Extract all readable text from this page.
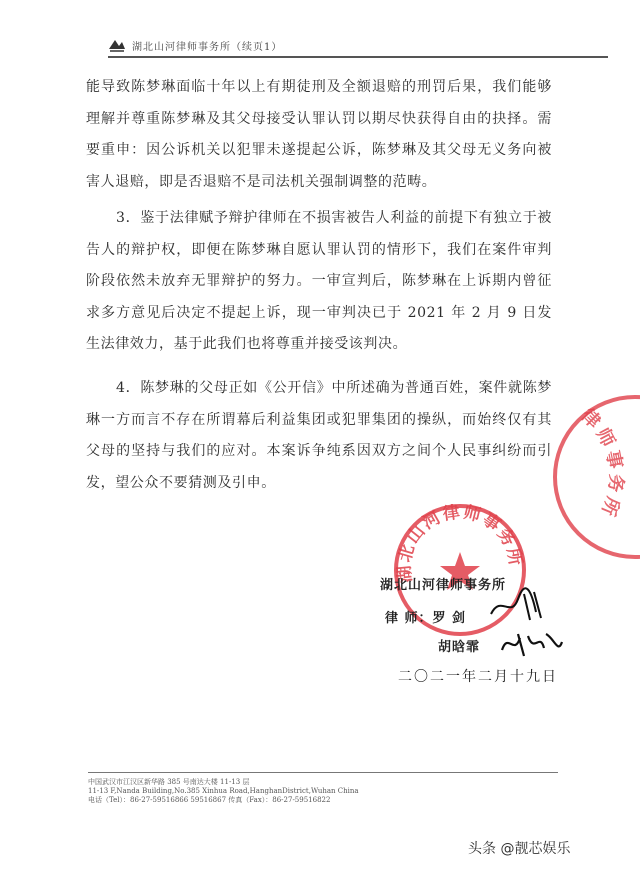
湖北山河律师事务所（续页1）
能导致陈梦琳面临十年以上有期徒刑及全额退赔的刑罚后果，我们能够理解并尊重陈梦琳及其父母接受认罪认罚以期尽快获得自由的抉择。需要重申：因公诉机关以犯罪未遂提起公诉，陈梦琳及其父母无义务向被害人退赔，即是否退赔不是司法机关强制调整的范畴。
3．鉴于法律赋予辩护律师在不损害被告人利益的前提下有独立于被告人的辩护权，即便在陈梦琳自愿认罪认罚的情形下，我们在案件审判阶段依然未放弃无罪辩护的努力。一审宣判后，陈梦琳在上诉期内曾征求多方意见后决定不提起上诉，现一审判决已于 2021 年 2 月 9 日发生法律效力，基于此我们也将尊重并接受该判决。
4．陈梦琳的父母正如《公开信》中所述确为普通百姓，案件就陈梦琳一方而言不存在所谓幕后利益集团或犯罪集团的操纵，而始终仅有其父母的坚持与我们的应对。本案诉争纯系因双方之间个人民事纠纷而引发，望公众不要猜测及引申。
湖北山河律师事务所
律师事务所
湖北山河律师事务所
律 师：罗 剑
胡晗霏
二〇二一年二月十九日
中国武汉市江汉区新华路 385 号南达大楼 11-13 层
11-13 F,Nanda Building,No.385 Xinhua Road,HanghanDistrict,Wuhan China
电话（Tel）：86-27-59516866 59516867 传真（Fax）：86-27-59516822
头条 @靓芯娱乐
